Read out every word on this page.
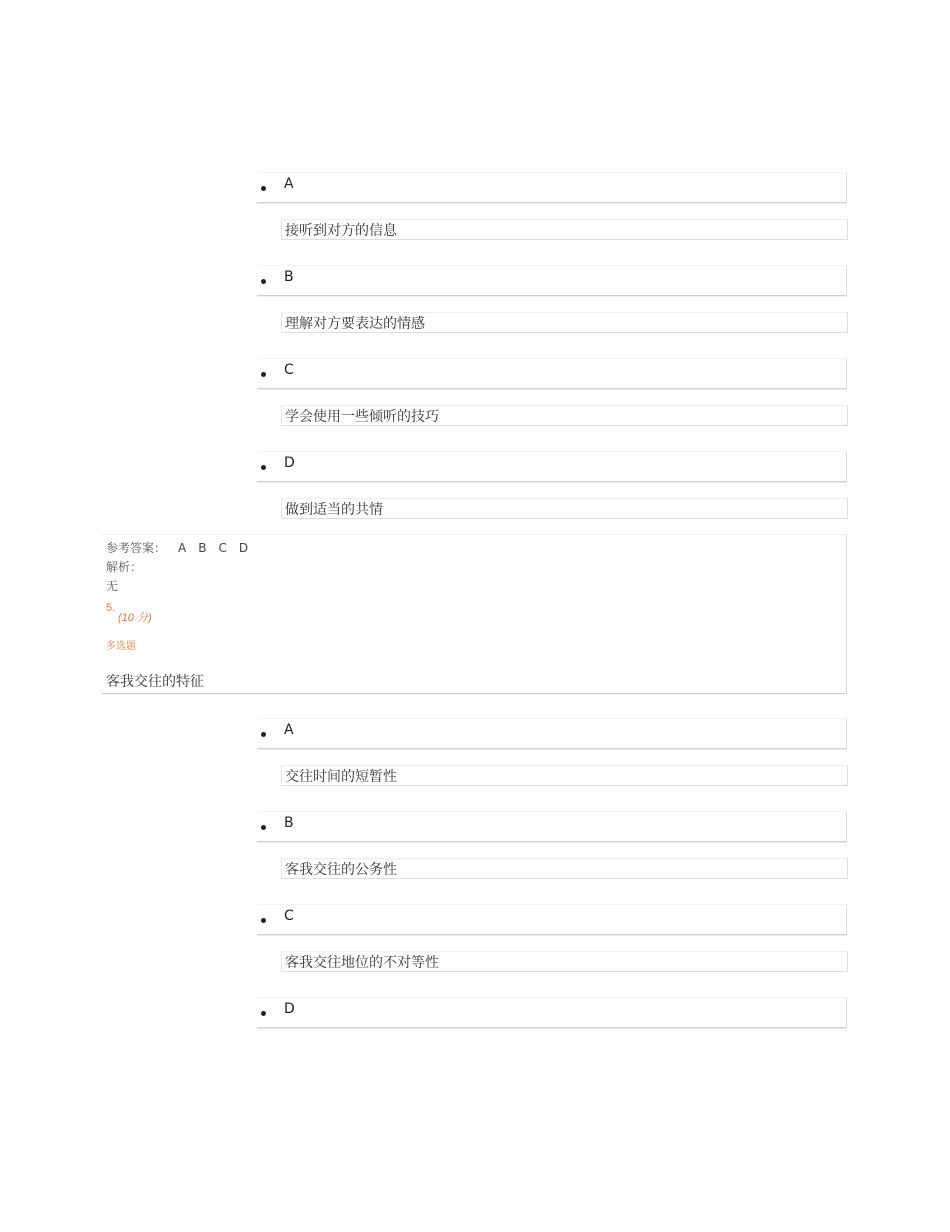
A
接听到对方的信息
B
理解对方要表达的情感
C
学会使用一些倾听的技巧
D
做到适当的共情
参考答案： A B C D
解析：
无
5.
(10 分)
多选题
客我交往的特征
A
交往时间的短暂性
B
客我交往的公务性
C
客我交往地位的不对等性
D
